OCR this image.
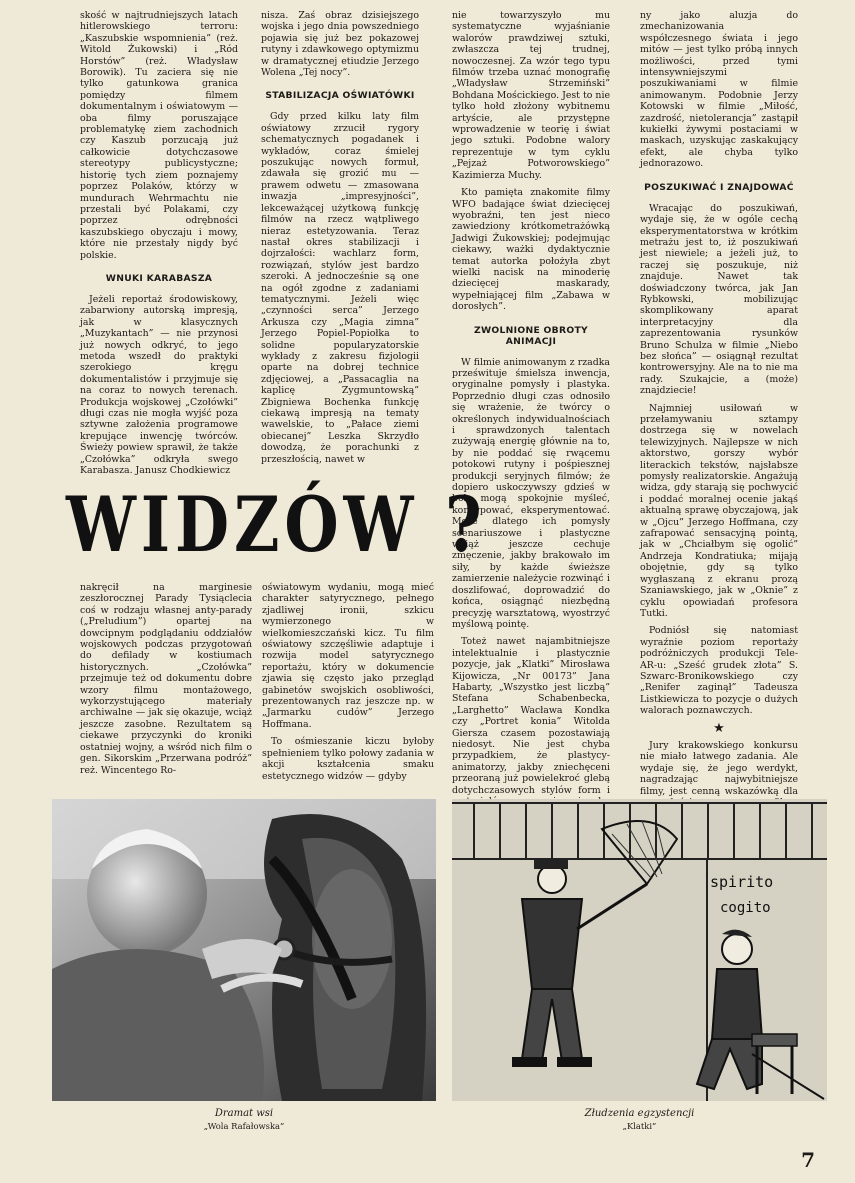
skość w najtrudniejszych latach hitlerowskiego terroru: „Kaszubskie wspomnienia” (reż. Witold Żukowski) i „Ród Horstów” (reż. Władysław Borowik). Tu zaciera się nie tylko gatunkowa granica pomiędzy filmem dokumentalnym i oświatowym — oba filmy poruszające problematykę ziem zachodnich czy Kaszub porzucają już całkowicie dotychczasowe stereotypy publicystyczne; historię tych ziem poznajemy poprzez Polaków, którzy w mundurach Wehrmachtu nie przestali być Polakami, czy poprzez odrębności kaszubskiego obyczaju i mowy, które nie przestały nigdy być polskie.

WNUKI KARABASZA

Jeżeli reportaż środowiskowy, zabarwiony autorską impresją, jak w klasycznych „Muzykantach” — nie przynosi już nowych odkryć, to jego metoda wszedł do praktyki szerokiego kręgu dokumentalistów i przyjmuje się na coraz to nowych terenach. Produkcja wojskowej „Czołówki” długi czas nie mogła wyjść poza sztywne założenia programowe krepujące inwencję twórców. Świeży powiew sprawił, że także „Czołówka” odkryła swego Karabasza. Janusz Chodkiewicz

nisza. Zaś obraz dzisiejszego wojska i jego dnia powszedniego pojawia się już bez pokazowej rutyny i zdawkowego optymizmu w dramatycznej etiudzie Jerzego Wolena „Tej nocy”.

STABILIZACJA OŚWIATÓWKI

Gdy przed kilku laty film oświatowy zrzucił rygory schematycznych pogadanek i wykładów, coraz śmielej poszukując nowych formuł, zdawała się grozić mu — prawem odwetu — zmasowana inwazja „impresyjności”, lekceważącej użytkową funkcję filmów na rzecz wątpliwego nieraz estetyzowania. Teraz nastał okres stabilizacji i dojrzałości: wachlarz form, rozwiązań, stylów jest bardzo szeroki. A jednocześnie są one na ogół zgodne z zadaniami tematycznymi. Jeżeli więc „czynności serca” Jerzego Arkusza czy „Magia zimna” Jerzego Popiel-Popiołka to solidne popularyzatorskie wykłady z zakresu fizjologii oparte na dobrej technice zdjęciowej, a „Passacaglia na kaplicę Zygmuntowską” Zbigniewa Bochenka funkcję ciekawą impresją na tematy wawelskie, to „Pałace ziemi obiecanej” Leszka Skrzydło dowodzą, że porachunki z przeszłością, nawet w

nie towarzyszyło mu systematyczne wyjaśnianie walorów prawdziwej sztuki, zwłaszcza tej trudnej, nowoczesnej. Za wzór tego typu filmów trzeba uznać monografię „Władysław Strzemiński” Bohdana Mościckiego. Jest to nie tylko hołd złożony wybitnemu artyście, ale przystępne wprowadzenie w teorię i świat jego sztuki. Podobne walory reprezentuje w tym cyklu „Pejzaż Potworowskiego” Kazimierza Muchy.

Kto pamięta znakomite filmy WFO badające świat dziecięcej wyobraźni, ten jest nieco zawiedziony krótkometrażówką Jadwigi Żukowskiej; podejmując ciekawy, ważki dydaktycznie temat autorka położyła zbyt wielki nacisk na minoderię dziecięcej maskarady, wypełniającej film „Zabawa w dorosłych”.

ZWOLNIONE OBROTY ANIMACJI

W filmie animowanym z rzadka prześwituje śmielsza inwencja, oryginalne pomysły i plastyka. Poprzednio długi czas odnosiło się wrażenie, że twórcy o określonych indywidualnościach i sprawdzonych talentach zużywają energię głównie na to, by nie poddać się rwącemu potokowi rutyny i pośpiesznej produkcji seryjnych filmów; że dopiero uskoczywszy gdzieś w bok mogą spokojnie myśleć, koncypować, eksperymentować. Może dlatego ich pomysły scenariuszowe i plastyczne wciąż jeszcze cechuje zmęczenie, jakby brakowało im siły, by każde świeższe zamierzenie należycie rozwinąć i doszlifować, doprowadzić do końca, osiągnąć niezbędną precyzję warsztatową, wyostrzyć myślową pointę.

Toteż nawet najambitniejsze intelektualnie i plastycznie pozycje, jak „Klatki” Mirosława Kijowicza, „Nr 00173” Jana Habarty, „Wszystko jest liczbą” Stefana Schabenbecka, „Larghetto” Wacława Kondka czy „Portret konia” Witolda Giersza czasem pozostawiają niedosyt. Nie jest chyba przypadkiem, że plastycy-animatorzy, jakby zniechęceni przeoraną już powielekroć glebą dotychczasowych stylów form i

ny jako aluzja do zmechanizowania współczesnego świata i jego mitów — jest tylko próbą innych możliwości, przed tymi intensywniejszymi poszukiwaniami w filmie animowanym. Podobnie Jerzy Kotowski w filmie „Miłość, zazdrość, nietolerancja” zastąpił kukiełki żywymi postaciami w maskach, uzyskując zaskakujący efekt, ale chyba tylko jednorazowo.

POSZUKIWAĆ I ZNAJDOWAĆ

Wracając do poszukiwań, wydaje się, że w ogóle cechą eksperymentatorstwa w krótkim metrażu jest to, iż poszukiwań jest niewiele; a jeżeli już, to raczej się poszukuje, niż znajduje. Nawet tak doświadczony twórca, jak Jan Rybkowski, mobilizując skomplikowany aparat interpretacyjny dla zaprezentowania rysunków Bruno Schulza w filmie „Niebo bez słońca” — osiągnął rezultat kontrowersyjny. Ale na to nie ma rady. Szukajcie, a (może) znajdziecie!

Najmniej usiłowań w przełamywaniu sztampy dostrzega się w nowelach telewizyjnych. Najlepsze w nich aktorstwo, gorszy wybór literackich tekstów, najsłabsze pomysły realizatorskie. Angażują widza, gdy starają się pochwycić i poddać moralnej ocenie jakąś aktualną sprawę obyczajową, jak w „Ojcu” Jerzego Hoffmana, czy zafrapować sensacyjną pointą, jak w „Chciałbym się ogolić” Andrzeja Kondratiuka; mijają obojętnie, gdy są tylko wygłaszaną z ekranu prozą Szaniawskiego, jak w „Oknie” z cyklu opowiadań profesora Tutki.

Podniósł się natomiast wyraźnie poziom reportaży podróżniczych produkcji Tele-AR-u: „Sześć grudek złota” S. Szwarc-Bronikowskiego czy „Renifer zaginął” Tadeusza Listkiewicza to pozycje o dużych walorach poznawczych.

★

Jury krakowskiego konkursu nie miało łatwego zadania. Ale wydaje się, że jego werdykt, nagradzając najwybitniejsze filmy, jest cenną wskazówką dla

WIDZÓW ?

nakręcił na marginesie zeszłorocznej Parady Tysiąclecia coś w rodzaju własnej anty-parady („Preludium”) opartej na dowcipnym podglądaniu oddziałów wojskowych podczas przygotowań do defilady w kostiumach historycznych. „Czołówka” przejmuje też od dokumentu dobre wzory filmu montażowego, wykorzystującego materiały archiwalne — jak się okazuje, wciąż jeszcze zasobne. Rezultatem są ciekawe przyczynki do kroniki ostatniej wojny, a wśród nich film o gen. Sikorskim „Przerwana podróż” reż. Wincentego Ro-

oświatowym wydaniu, mogą mieć charakter satyrycznego, pełnego zjadliwej ironii, szkicu wymierzonego w wielkomieszczański kicz. Tu film oświatowy szczęśliwie adaptuje i rozwija model satyrycznego reportażu, który w dokumencie zjawia się często jako przegląd gabinetów swojskich osobliwości, prezentowanych raz jeszcze np. w „Jarmarku cudów” Jerzego Hoffmana.

To ośmieszanie kiczu byłoby spełnieniem tylko połowy zadania w akcji kształcenia smaku estetycznego widzów — gdyby

Dramat wsi
„Wola Rafałowska”
spirito
cogito
Złudzenia egzystencji
„Klatki”
7
